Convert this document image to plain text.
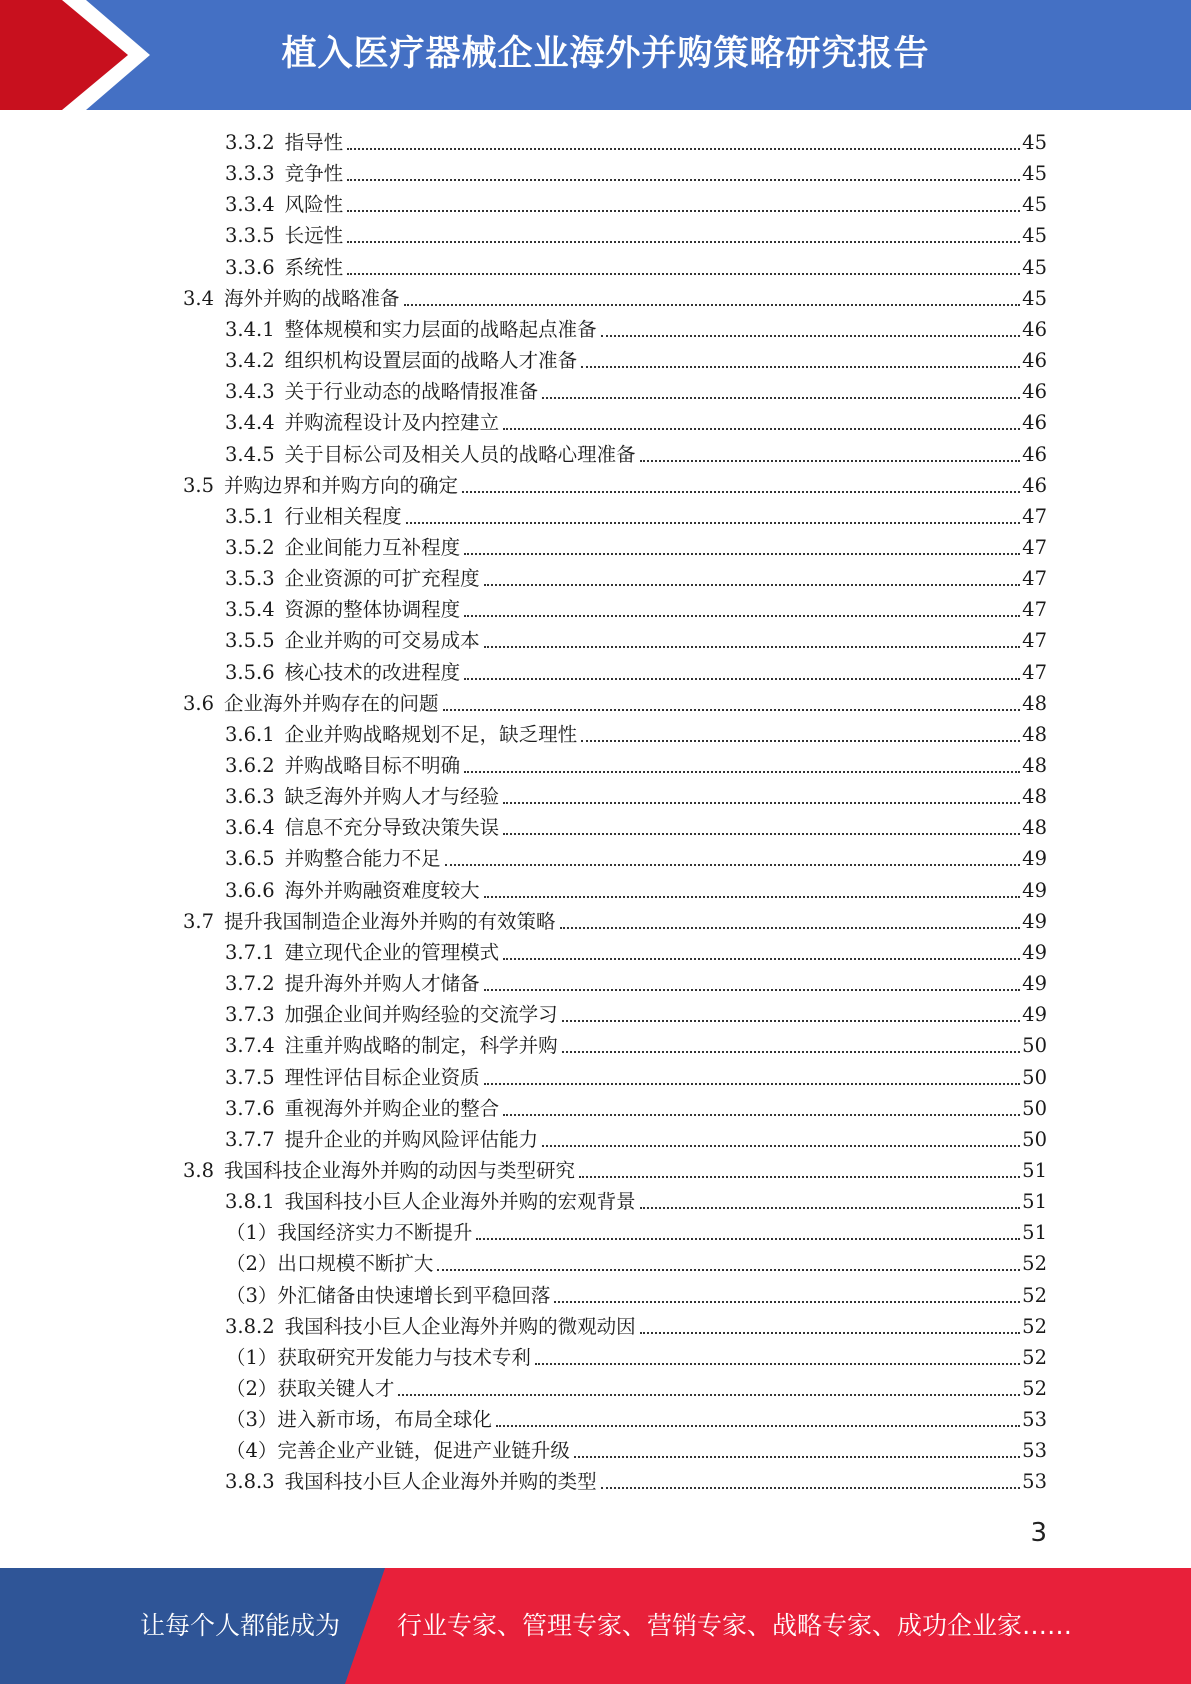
植入医疗器械企业海外并购策略研究报告
3.3.2 指导性	45
3.3.3 竞争性	45
3.3.4 风险性	45
3.3.5 长远性	45
3.3.6 系统性	45
3.4 海外并购的战略准备	45
3.4.1 整体规模和实力层面的战略起点准备	46
3.4.2 组织机构设置层面的战略人才准备	46
3.4.3 关于行业动态的战略情报准备	46
3.4.4 并购流程设计及内控建立	46
3.4.5 关于目标公司及相关人员的战略心理准备	46
3.5 并购边界和并购方向的确定	46
3.5.1 行业相关程度	47
3.5.2 企业间能力互补程度	47
3.5.3 企业资源的可扩充程度	47
3.5.4 资源的整体协调程度	47
3.5.5 企业并购的可交易成本	47
3.5.6 核心技术的改进程度	47
3.6 企业海外并购存在的问题	48
3.6.1 企业并购战略规划不足，缺乏理性	48
3.6.2 并购战略目标不明确	48
3.6.3 缺乏海外并购人才与经验	48
3.6.4 信息不充分导致决策失误	48
3.6.5 并购整合能力不足	49
3.6.6 海外并购融资难度较大	49
3.7 提升我国制造企业海外并购的有效策略	49
3.7.1 建立现代企业的管理模式	49
3.7.2 提升海外并购人才储备	49
3.7.3 加强企业间并购经验的交流学习	49
3.7.4 注重并购战略的制定，科学并购	50
3.7.5 理性评估目标企业资质	50
3.7.6 重视海外并购企业的整合	50
3.7.7 提升企业的并购风险评估能力	50
3.8 我国科技企业海外并购的动因与类型研究	51
3.8.1 我国科技小巨人企业海外并购的宏观背景	51
（1）我国经济实力不断提升	51
（2）出口规模不断扩大	52
（3）外汇储备由快速增长到平稳回落	52
3.8.2 我国科技小巨人企业海外并购的微观动因	52
（1）获取研究开发能力与技术专利	52
（2）获取关键人才	52
（3）进入新市场，布局全球化	53
（4）完善企业产业链，促进产业链升级	53
3.8.3 我国科技小巨人企业海外并购的类型	53
3
让每个人都能成为 行业专家、管理专家、营销专家、战略专家、成功企业家……
